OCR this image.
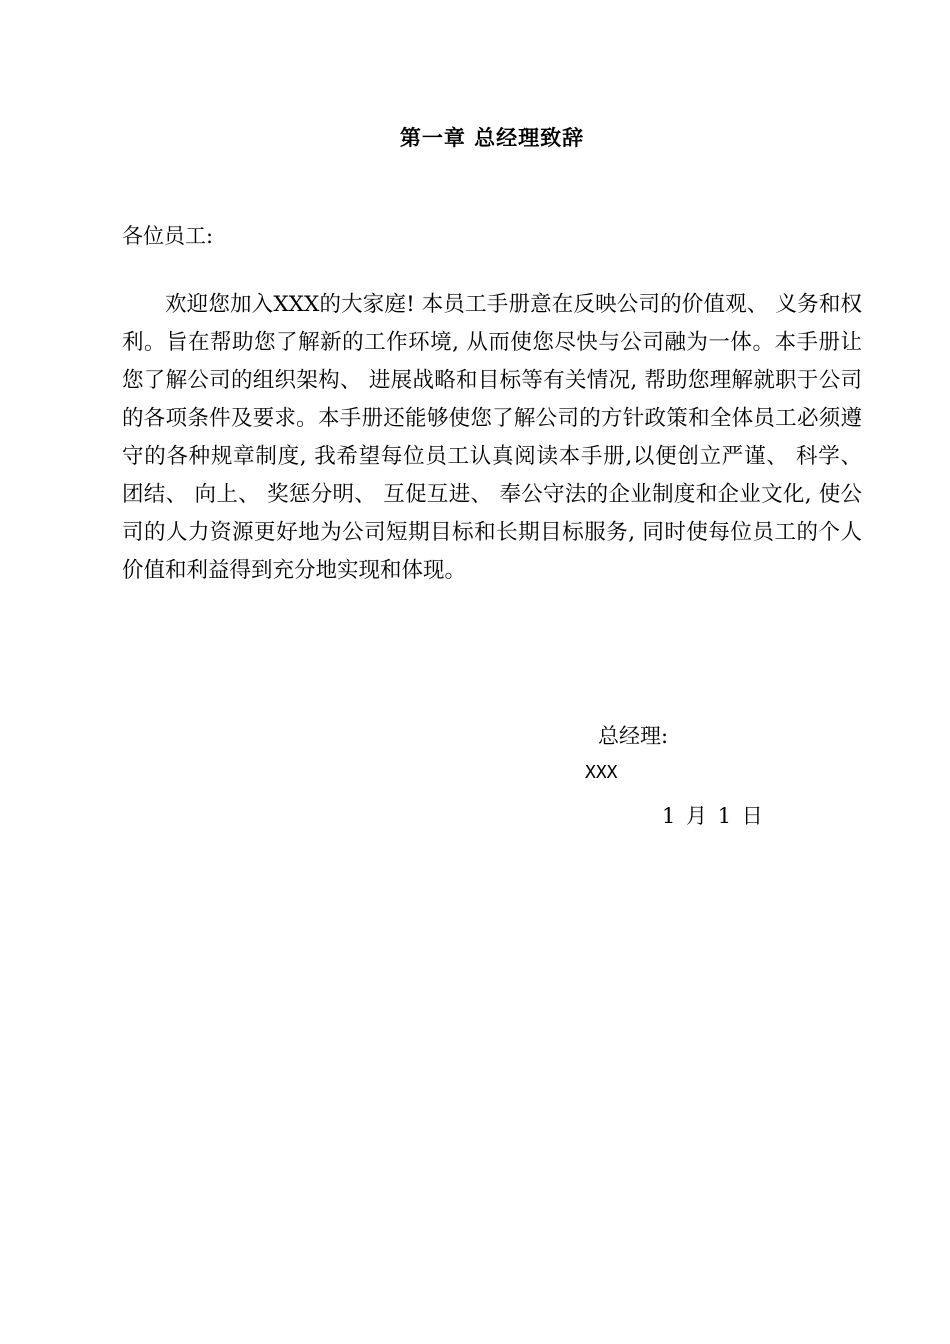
第一章 总经理致辞
各位员工:

欢迎您加入XXX的大家庭! 本员工手册意在反映公司的价值观、 义务和权利。旨在帮助您了解新的工作环境, 从而使您尽快与公司融为一体。本手册让您了解公司的组织架构、 进展战略和目标等有关情况, 帮助您理解就职于公司的各项条件及要求。本手册还能够使您了解公司的方针政策和全体员工必须遵守的各种规章制度, 我希望每位员工认真阅读本手册,以便创立严谨、 科学、 团结、 向上、 奖惩分明、 互促互进、 奉公守法的企业制度和企业文化, 使公司的人力资源更好地为公司短期目标和长期目标服务, 同时使每位员工的个人价值和利益得到充分地实现和体现。

总经理:
XXX
1 月 1 日
